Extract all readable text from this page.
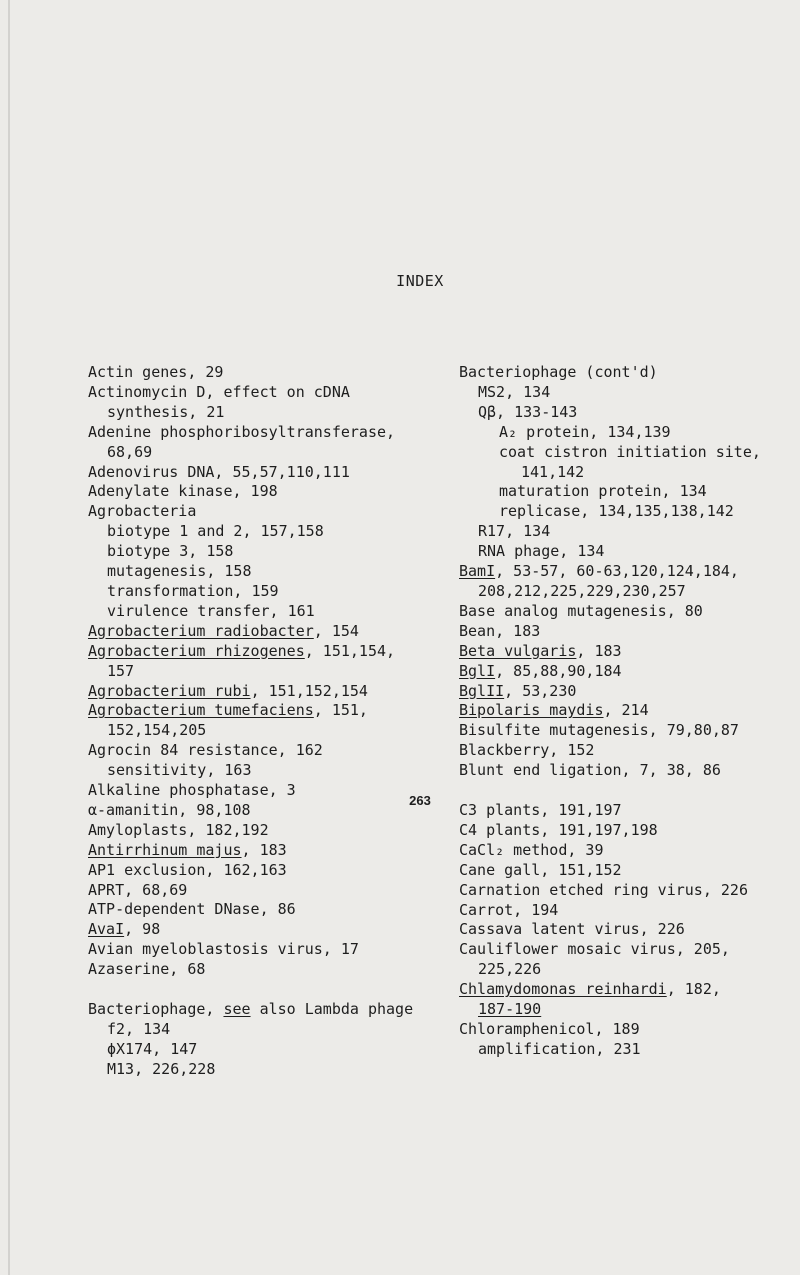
INDEX
Actin genes, 29
Actinomycin D, effect on cDNA
synthesis, 21
Adenine phosphoribosyltransferase,
68,69
Adenovirus DNA, 55,57,110,111
Adenylate kinase, 198
Agrobacteria
biotype 1 and 2, 157,158
biotype 3, 158
mutagenesis, 158
transformation, 159
virulence transfer, 161
Agrobacterium radiobacter, 154
Agrobacterium rhizogenes, 151,154,
157
Agrobacterium rubi, 151,152,154
Agrobacterium tumefaciens, 151,
152,154,205
Agrocin 84 resistance, 162
sensitivity, 163
Alkaline phosphatase, 3
α-amanitin, 98,108
Amyloplasts, 182,192
Antirrhinum majus, 183
AP1 exclusion, 162,163
APRT, 68,69
ATP-dependent DNase, 86
AvaI, 98
Avian myeloblastosis virus, 17
Azaserine, 68
Bacteriophage, see also Lambda phage
f2, 134
ϕX174, 147
M13, 226,228
Bacteriophage (cont'd)
MS2, 134
Qβ, 133-143
A₂ protein, 134,139
coat cistron initiation site,
141,142
maturation protein, 134
replicase, 134,135,138,142
R17, 134
RNA phage, 134
BamI, 53-57, 60-63,120,124,184,
208,212,225,229,230,257
Base analog mutagenesis, 80
Bean, 183
Beta vulgaris, 183
BglI, 85,88,90,184
BglII, 53,230
Bipolaris maydis, 214
Bisulfite mutagenesis, 79,80,87
Blackberry, 152
Blunt end ligation, 7, 38, 86
C3 plants, 191,197
C4 plants, 191,197,198
CaCl₂ method, 39
Cane gall, 151,152
Carnation etched ring virus, 226
Carrot, 194
Cassava latent virus, 226
Cauliflower mosaic virus, 205,
225,226
Chlamydomonas reinhardi, 182,
187-190
Chloramphenicol, 189
amplification, 231
263
